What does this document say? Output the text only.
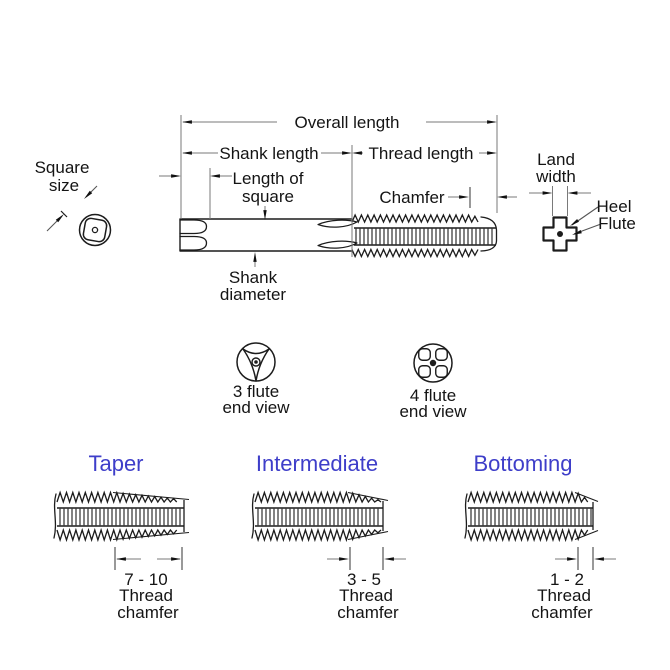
Overall length
Shank length	Thread length
Length of
square	Chamfer
Shank
diameter
Square
size
Land
width
Heel
Flute
3 flute
end view
4 flute
end view
Taper	Intermediate	Bottoming
7 - 10
Thread
chamfer
3 - 5
Thread
chamfer
1 - 2
Thread
chamfer
